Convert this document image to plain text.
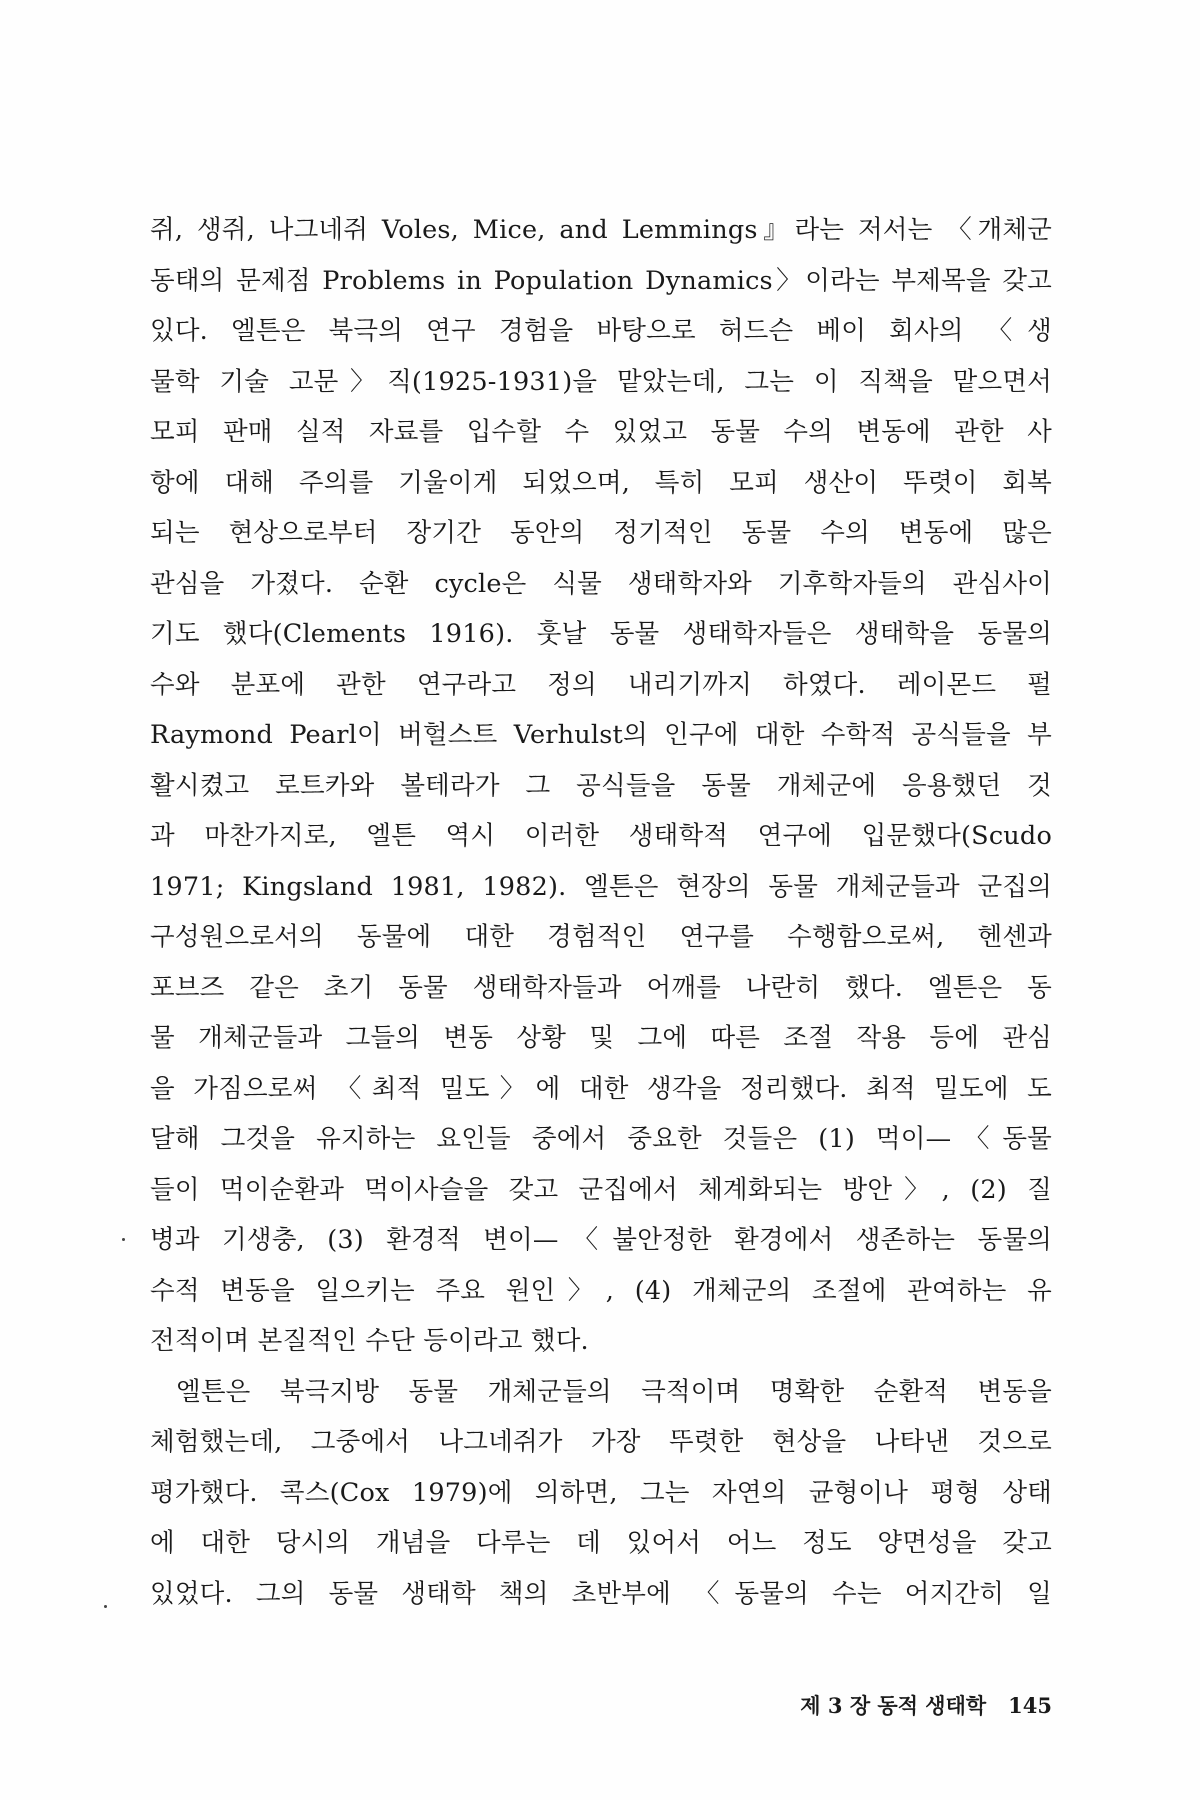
쥐, 생쥐, 나그네쥐 Voles, Mice, and Lemmings』라는 저서는 〈개체군
동태의 문제점 Problems in Population Dynamics〉이라는 부제목을 갖고
있다. 엘튼은 북극의 연구 경험을 바탕으로 허드슨 베이 회사의 〈생
물학 기술 고문〉직(1925-1931)을 맡았는데, 그는 이 직책을 맡으면서
모피 판매 실적 자료를 입수할 수 있었고 동물 수의 변동에 관한 사
항에 대해 주의를 기울이게 되었으며, 특히 모피 생산이 뚜렷이 회복
되는 현상으로부터 장기간 동안의 정기적인 동물 수의 변동에 많은
관심을 가졌다. 순환 cycle은 식물 생태학자와 기후학자들의 관심사이
기도 했다(Clements 1916). 훗날 동물 생태학자들은 생태학을 동물의
수와 분포에 관한 연구라고 정의 내리기까지 하였다. 레이몬드 펄
Raymond Pearl이 버헐스트 Verhulst의 인구에 대한 수학적 공식들을 부
활시켰고 로트카와 볼테라가 그 공식들을 동물 개체군에 응용했던 것
과 마찬가지로, 엘튼 역시 이러한 생태학적 연구에 입문했다(Scudo
1971; Kingsland 1981, 1982). 엘튼은 현장의 동물 개체군들과 군집의
구성원으로서의 동물에 대한 경험적인 연구를 수행함으로써, 헨센과
포브즈 같은 초기 동물 생태학자들과 어깨를 나란히 했다. 엘튼은 동
물 개체군들과 그들의 변동 상황 및 그에 따른 조절 작용 등에 관심
을 가짐으로써 〈최적 밀도〉에 대한 생각을 정리했다. 최적 밀도에 도
달해 그것을 유지하는 요인들 중에서 중요한 것들은 (1) 먹이—〈동물
들이 먹이순환과 먹이사슬을 갖고 군집에서 체계화되는 방안〉, (2) 질
병과 기생충, (3) 환경적 변이—〈불안정한 환경에서 생존하는 동물의
수적 변동을 일으키는 주요 원인〉, (4) 개체군의 조절에 관여하는 유
전적이며 본질적인 수단 등이라고 했다.
엘튼은 북극지방 동물 개체군들의 극적이며 명확한 순환적 변동을
체험했는데, 그중에서 나그네쥐가 가장 뚜렷한 현상을 나타낸 것으로
평가했다. 콕스(Cox 1979)에 의하면, 그는 자연의 균형이나 평형 상태
에 대한 당시의 개념을 다루는 데 있어서 어느 정도 양면성을 갖고
있었다. 그의 동물 생태학 책의 초반부에 〈동물의 수는 어지간히 일
제 3 장 동적 생태학 145
